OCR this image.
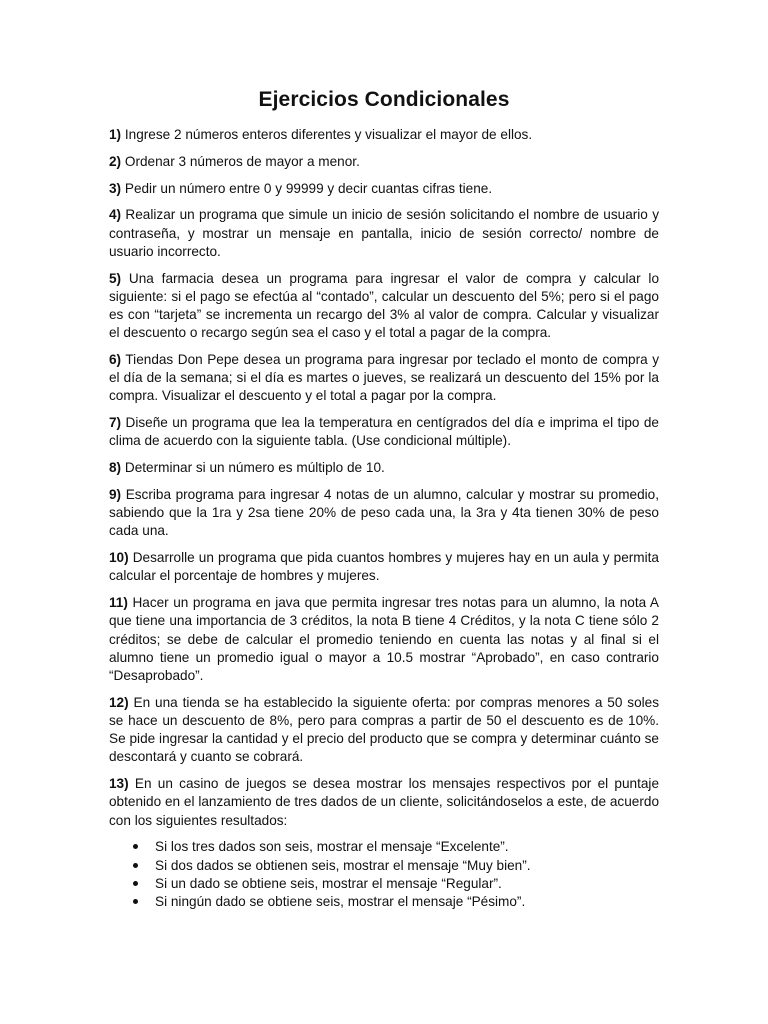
Ejercicios Condicionales

1) Ingrese 2 números enteros diferentes y visualizar el mayor de ellos.

2) Ordenar 3 números de mayor a menor.

3) Pedir un número entre 0 y 99999 y decir cuantas cifras tiene.

4) Realizar un programa que simule un inicio de sesión solicitando el nombre de usuario y contraseña, y mostrar un mensaje en pantalla, inicio de sesión correcto/ nombre de usuario incorrecto.

5) Una farmacia desea un programa para ingresar el valor de compra y calcular lo siguiente: si el pago se efectúa al “contado”, calcular un descuento del 5%; pero si el pago es con “tarjeta” se incrementa un recargo del 3% al valor de compra. Calcular y visualizar el descuento o recargo según sea el caso y el total a pagar de la compra.

6) Tiendas Don Pepe desea un programa para ingresar por teclado el monto de compra y el día de la semana; si el día es martes o jueves, se realizará un descuento del 15% por la compra. Visualizar el descuento y el total a pagar por la compra.

7) Diseñe un programa que lea la temperatura en centígrados del día e imprima el tipo de clima de acuerdo con la siguiente tabla. (Use condicional múltiple).

8) Determinar si un número es múltiplo de 10.

9) Escriba programa para ingresar 4 notas de un alumno, calcular y mostrar su promedio, sabiendo que la 1ra y 2sa tiene 20% de peso cada una, la 3ra y 4ta tienen 30% de peso cada una.

10) Desarrolle un programa que pida cuantos hombres y mujeres hay en un aula y permita calcular el porcentaje de hombres y mujeres.

11) Hacer un programa en java que permita ingresar tres notas para un alumno, la nota A que tiene una importancia de 3 créditos, la nota B tiene 4 Créditos, y la nota C tiene sólo 2 créditos; se debe de calcular el promedio teniendo en cuenta las notas y al final si el alumno tiene un promedio igual o mayor a 10.5 mostrar “Aprobado”, en caso contrario “Desaprobado”.

12) En una tienda se ha establecido la siguiente oferta: por compras menores a 50 soles se hace un descuento de 8%, pero para compras a partir de 50 el descuento es de 10%. Se pide ingresar la cantidad y el precio del producto que se compra y determinar cuánto se descontará y cuanto se cobrará.

13) En un casino de juegos se desea mostrar los mensajes respectivos por el puntaje obtenido en el lanzamiento de tres dados de un cliente, solicitándoselos a este, de acuerdo con los siguientes resultados:

Si los tres dados son seis, mostrar el mensaje “Excelente”.
Si dos dados se obtienen seis, mostrar el mensaje “Muy bien”.
Si un dado se obtiene seis, mostrar el mensaje “Regular”.
Si ningún dado se obtiene seis, mostrar el mensaje “Pésimo”.
